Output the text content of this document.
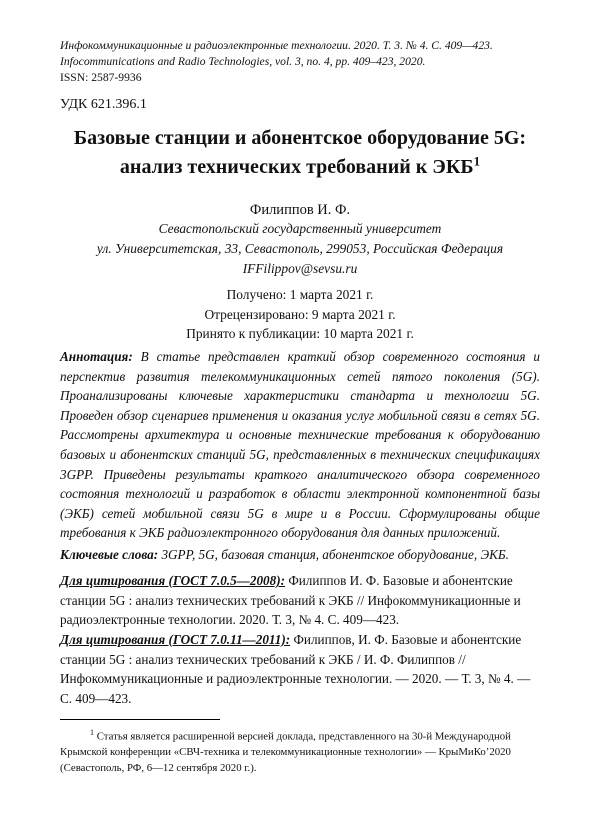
Инфокоммуникационные и радиоэлектронные технологии. 2020. Т. 3. № 4. С. 409—423.
Infocommunications and Radio Technologies, vol. 3, no. 4, pp. 409–423, 2020.
ISSN: 2587-9936
УДК 621.396.1
Базовые станции и абонентское оборудование 5G:
анализ технических требований к ЭКБ$^1$
Филиппов И. Ф.
Севастопольский государственный университет
ул. Университетская, 33, Севастополь, 299053, Российская Федерация
IFFilippov@sevsu.ru
Получено: 1 марта 2021 г.
Отрецензировано: 9 марта 2021 г.
Принято к публикации: 10 марта 2021 г.
Аннотация: В статье представлен краткий обзор современного состояния и перспектив развития телекоммуникационных сетей пятого поколения (5G). Проанализированы ключевые характеристики стандарта и технологии 5G. Проведен обзор сценариев применения и оказания услуг мобильной связи в сетях 5G. Рассмотрены архитектура и основные технические требования к оборудованию базовых и абонентских станций 5G, представленных в технических спецификациях 3GPP. Приведены результаты краткого аналитического обзора современного состояния технологий и разработок в области электронной компонентной базы (ЭКБ) сетей мобильной связи 5G в мире и в России. Сформулированы общие требования к ЭКБ радиоэлектронного оборудования для данных приложений.
Ключевые слова: 3GPP, 5G, базовая станция, абонентское оборудование, ЭКБ.
Для цитирования (ГОСТ 7.0.5—2008): Филиппов И. Ф. Базовые и абонентские станции 5G : анализ технических требований к ЭКБ // Инфокоммуникационные и радиоэлектронные технологии. 2020. Т. 3, № 4. С. 409—423.
Для цитирования (ГОСТ 7.0.11—2011): Филиппов, И. Ф. Базовые и абонентские станции 5G : анализ технических требований к ЭКБ / И. Ф. Филиппов // Инфокоммуникационные и радиоэлектронные технологии. — 2020. — Т. 3, № 4. — С. 409—423.
$^1$ Статья является расширенной версией доклада, представленного на 30-й Международной Крымской конференции «СВЧ-техника и телекоммуникационные технологии» — КрыМиКо’2020 (Севастополь, РФ, 6—12 сентября 2020 г.).
